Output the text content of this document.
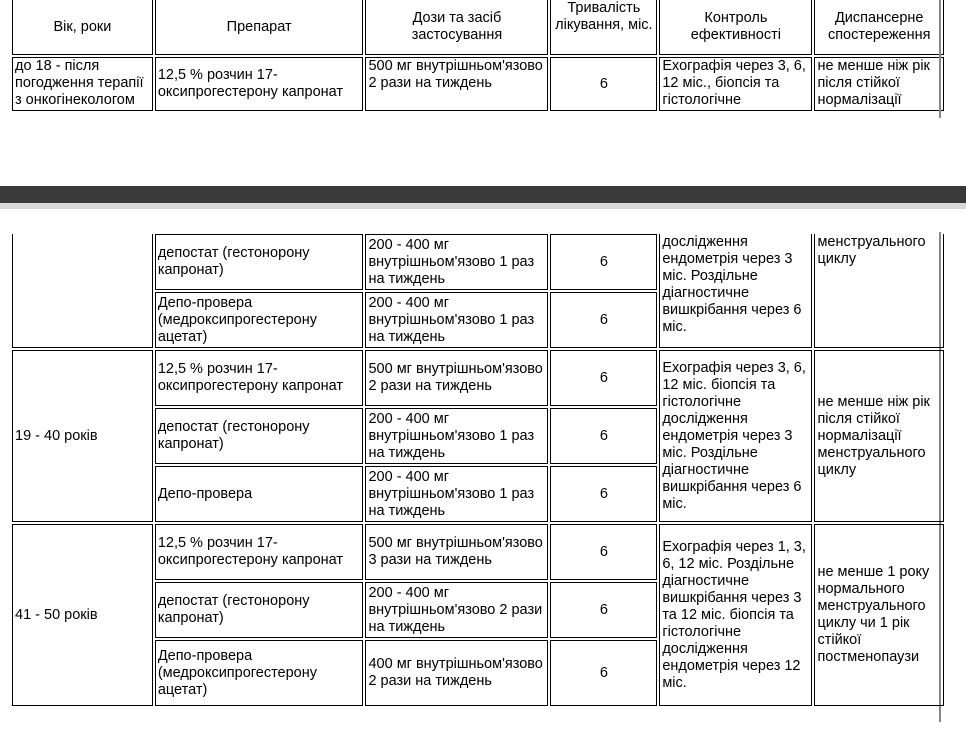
Вік, роки	Препарат	Дози та засіб застосування	Тривалість лікування, міс.	Контроль ефективності	Диспансерне спостереження
до 18 - після погодження терапії з онкогінекологом	12,5 % розчин 17-оксипрогестерону капронат	500 мг внутрішньом'язово 2 рази на тиждень	6	Ехографія через 3, 6, 12 міс., біопсія та гістологічне	не менше ніж рік після стійкої нормалізації
	депостат (гестонорону капронат)	200 - 400 мг внутрішньом'язово 1 раз на тиждень	6	дослідження ендометрія через 3 міс. Роздільне діагностичне вишкрібання через 6 міс.	менструального циклу
	Депо-провера (медроксипрогестерону ацетат)	200 - 400 мг внутрішньом'язово 1 раз на тиждень	6		
19 - 40 років	12,5 % розчин 17-оксипрогестерону капронат	500 мг внутрішньом'язово 2 рази на тиждень	6	Ехографія через 3, 6, 12 міс. біопсія та гістологічне дослідження ендометрія через 3 міс. Роздільне діагностичне вишкрібання через 6 міс.	не менше ніж рік після стійкої нормалізації менструального циклу
	депостат (гестонорону капронат)	200 - 400 мг внутрішньом'язово 1 раз на тиждень	6		
	Депо-провера	200 - 400 мг внутрішньом'язово 1 раз на тиждень	6		
41 - 50 років	12,5 % розчин 17-оксипрогестерону капронат	500 мг внутрішньом'язово 3 рази на тиждень	6	Ехографія через 1, 3, 6, 12 міс. Роздільне діагностичне вишкрібання через 3 та 12 міс. біопсія та гістологічне дослідження ендометрія через 12 міс.	не менше 1 року нормального менструального циклу чи 1 рік стійкої постменопаузи
	депостат (гестонорону капронат)	200 - 400 мг внутрішньом'язово 2 рази на тиждень	6		
	Депо-провера (медроксипрогестерону ацетат)	400 мг внутрішньом'язово 2 рази на тиждень	6		
